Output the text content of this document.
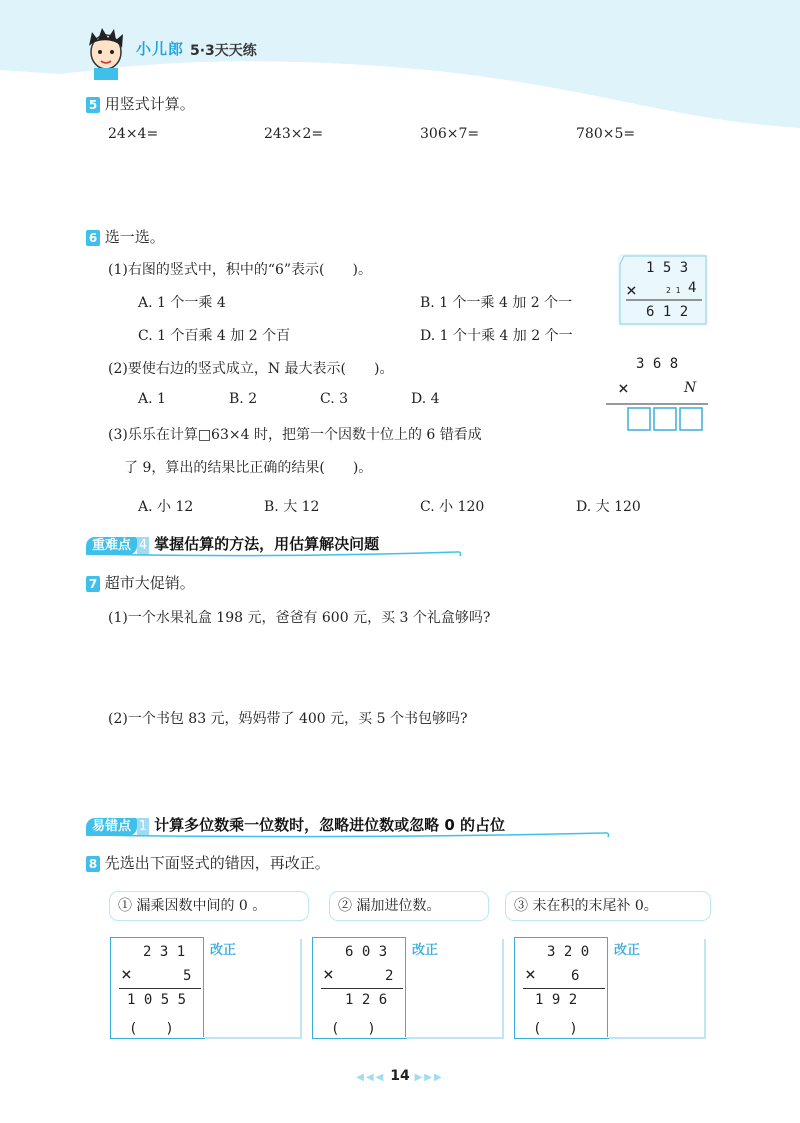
小儿郎 5·3天天练
5 用竖式计算。
24×4=	243×2=	306×7=	780×5=
6 选一选。
(1)右图的竖式中，积中的“6”表示(　　)。
A. 1 个一乘 4	B. 1 个一乘 4 加 2 个一
C. 1 个百乘 4 加 2 个百	D. 1 个十乘 4 加 2 个一
1 5 3
×	2 1 4
6 1 2
(2)要使右边的竖式成立，N 最大表示(　　)。
A. 1	B. 2	C. 3	D. 4
3 6 8
×	N
(3)乐乐在计算□63×4 时，把第一个因数十位上的 6 错看成
了 9，算出的结果比正确的结果(　　)。
A. 小 12	B. 大 12	C. 小 120	D. 大 120
重难点 4 掌握估算的方法，用估算解决问题
7 超市大促销。
(1)一个水果礼盒 198 元，爸爸有 600 元，买 3 个礼盒够吗?
(2)一个书包 83 元，妈妈带了 400 元，买 5 个书包够吗?
易错点 1 计算多位数乘一位数时，忽略进位数或忽略 0 的占位
8 先选出下面竖式的错因，再改正。
① 漏乘因数中间的 0 。	② 漏加进位数。	③ 未在积的末尾补 0。
2 3 1
×	5
1 0 5 5
(　　)
改正	6 0 3
×	2
1 2 6
(　　)
改正	3 2 0
×	6
1 9 2
(　　)
改正
◀◀◀ 14 ▶▶▶
